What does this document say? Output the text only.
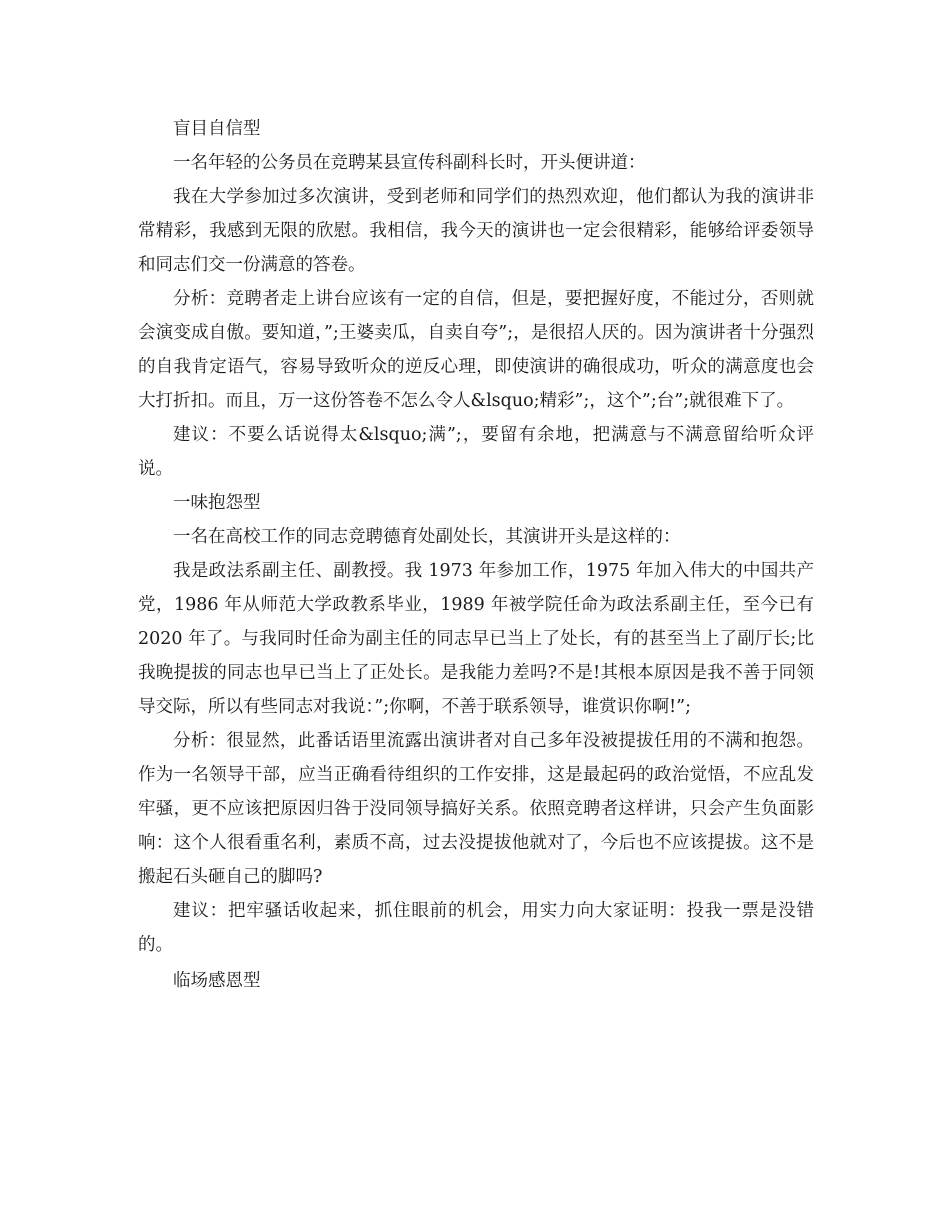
盲目自信型

一名年轻的公务员在竞聘某县宣传科副科长时，开头便讲道：

我在大学参加过多次演讲，受到老师和同学们的热烈欢迎，他们都认为我的演讲非常精彩，我感到无限的欣慰。我相信，我今天的演讲也一定会很精彩，能够给评委领导和同志们交一份满意的答卷。

分析：竞聘者走上讲台应该有一定的自信，但是，要把握好度，不能过分，否则就会演变成自傲。要知道，”;王婆卖瓜，自卖自夸”;，是很招人厌的。因为演讲者十分强烈的自我肯定语气，容易导致听众的逆反心理，即使演讲的确很成功，听众的满意度也会大打折扣。而且，万一这份答卷不怎么令人&lsquo;精彩”;，这个”;台”;就很难下了。

建议：不要么话说得太&lsquo;满”;，要留有余地，把满意与不满意留给听众评说。

一味抱怨型

一名在高校工作的同志竞聘德育处副处长，其演讲开头是这样的：

我是政法系副主任、副教授。我 1973 年参加工作，1975 年加入伟大的中国共产党，1986 年从师范大学政教系毕业，1989 年被学院任命为政法系副主任，至今已有 2020 年了。与我同时任命为副主任的同志早已当上了处长，有的甚至当上了副厅长;比我晚提拔的同志也早已当上了正处长。是我能力差吗?不是!其根本原因是我不善于同领导交际，所以有些同志对我说：”;你啊，不善于联系领导，谁赏识你啊!”;

分析：很显然，此番话语里流露出演讲者对自己多年没被提拔任用的不满和抱怨。作为一名领导干部，应当正确看待组织的工作安排，这是最起码的政治觉悟，不应乱发牢骚，更不应该把原因归咎于没同领导搞好关系。依照竞聘者这样讲，只会产生负面影响：这个人很看重名利，素质不高，过去没提拔他就对了，今后也不应该提拔。这不是搬起石头砸自己的脚吗?

建议：把牢骚话收起来，抓住眼前的机会，用实力向大家证明：投我一票是没错的。

临场感恩型
